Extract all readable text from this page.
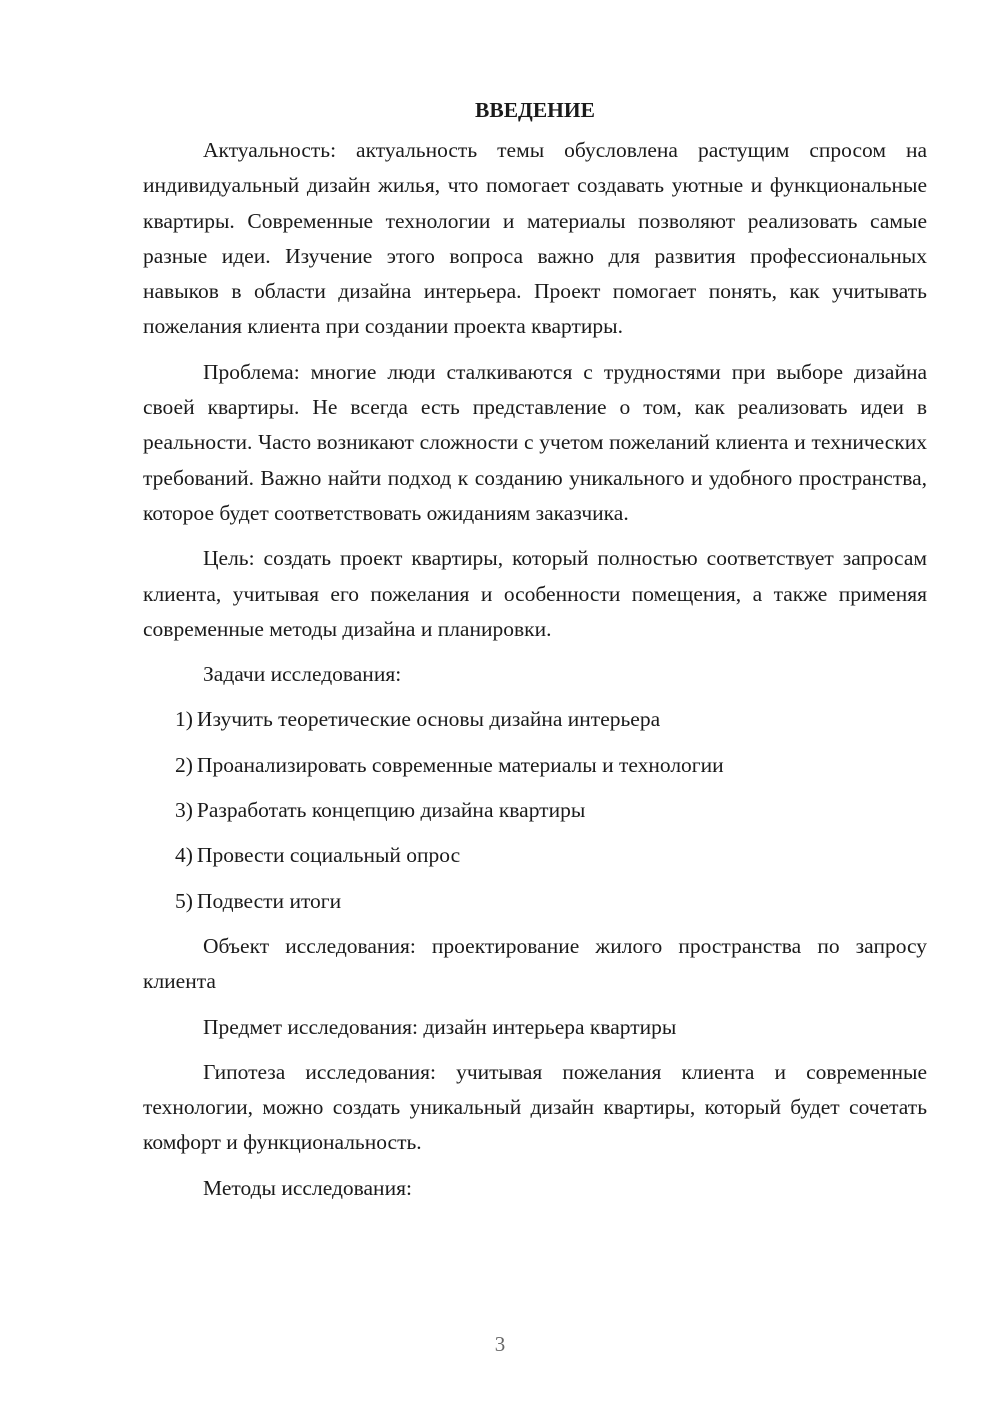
ВВЕДЕНИЕ

Актуальность: актуальность темы обусловлена растущим спросом на индивидуальный дизайн жилья, что помогает создавать уютные и функциональные квартиры. Современные технологии и материалы позволяют реализовать самые разные идеи. Изучение этого вопроса важно для развития профессиональных навыков в области дизайна интерьера. Проект помогает понять, как учитывать пожелания клиента при создании проекта квартиры.

Проблема: многие люди сталкиваются с трудностями при выборе дизайна своей квартиры. Не всегда есть представление о том, как реализовать идеи в реальности. Часто возникают сложности с учетом пожеланий клиента и технических требований. Важно найти подход к созданию уникального и удобного пространства, которое будет соответствовать ожиданиям заказчика.

Цель: создать проект квартиры, который полностью соответствует запросам клиента, учитывая его пожелания и особенности помещения, а также применяя современные методы дизайна и планировки.

Задачи исследования:

1) Изучить теоретические основы дизайна интерьера

2) Проанализировать современные материалы и технологии

3) Разработать концепцию дизайна квартиры

4) Провести социальный опрос

5) Подвести итоги

Объект исследования: проектирование жилого пространства по запросу клиента

Предмет исследования: дизайн интерьера квартиры

Гипотеза исследования: учитывая пожелания клиента и современные технологии, можно создать уникальный дизайн квартиры, который будет сочетать комфорт и функциональность.

Методы исследования:

3
